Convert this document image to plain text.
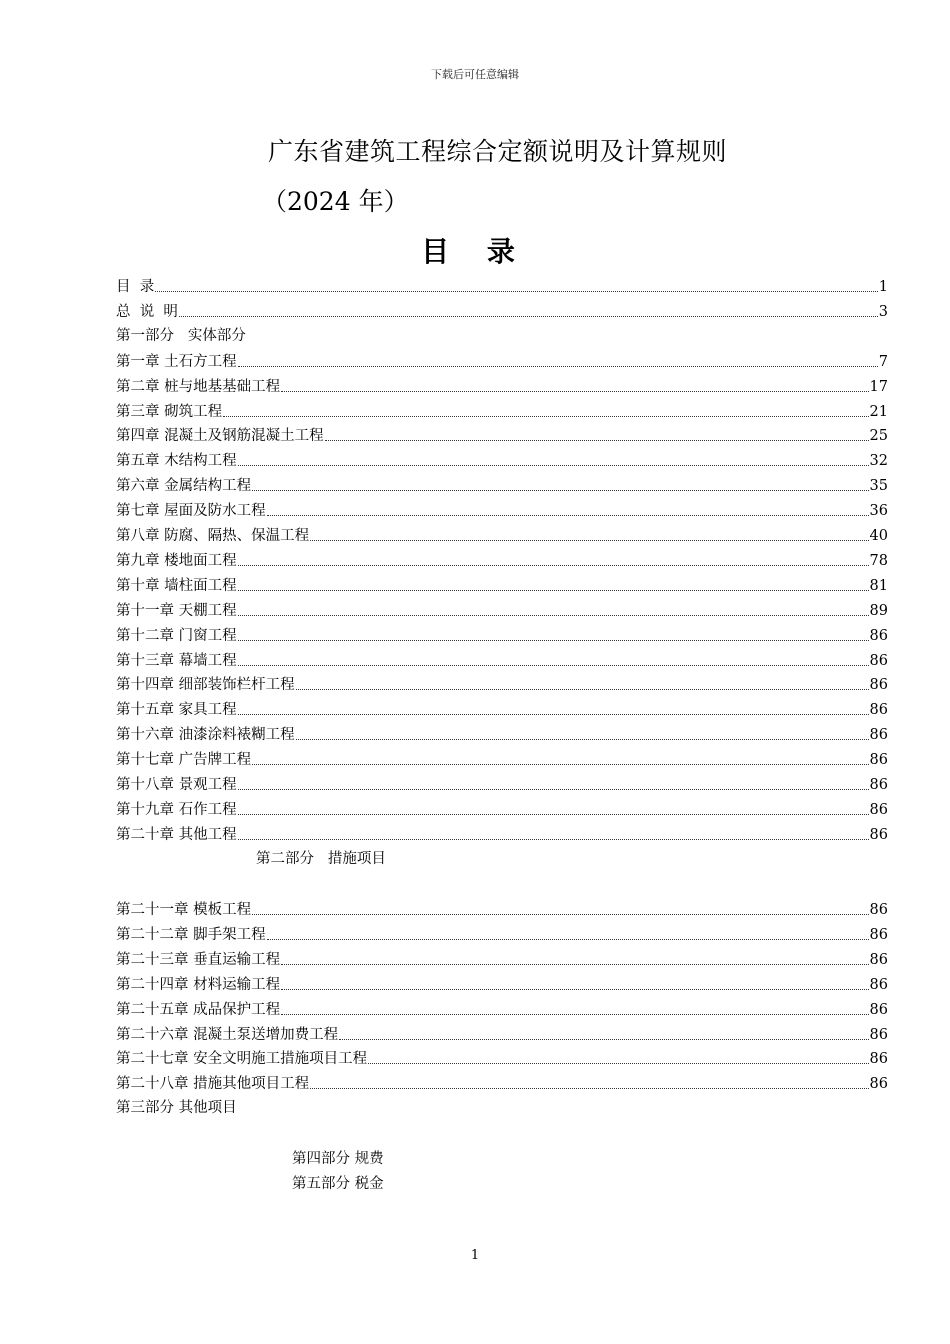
下载后可任意编辑
广东省建筑工程综合定额说明及计算规则
（2024 年）
目 录
目  录	1
总  说  明	3
第一部分   实体部分
第一章 土石方工程	7
第二章 桩与地基基础工程	17
第三章 砌筑工程	21
第四章 混凝土及钢筋混凝土工程	25
第五章 木结构工程	32
第六章 金属结构工程	35
第七章 屋面及防水工程	36
第八章 防腐、隔热、保温工程	40
第九章 楼地面工程	78
第十章 墙柱面工程	81
第十一章 天棚工程	89
第十二章 门窗工程	86
第十三章 幕墙工程	86
第十四章 细部装饰栏杆工程	86
第十五章 家具工程	86
第十六章 油漆涂料裱糊工程	86
第十七章 广告牌工程	86
第十八章 景观工程	86
第十九章 石作工程	86
第二十章 其他工程	86
第二部分   措施项目
第二十一章 模板工程	86
第二十二章 脚手架工程	86
第二十三章 垂直运输工程	86
第二十四章 材料运输工程	86
第二十五章 成品保护工程	86
第二十六章 混凝土泵送增加费工程	86
第二十七章 安全文明施工措施项目工程	86
第二十八章 措施其他项目工程	86
第三部分 其他项目
第四部分 规费
第五部分 税金
1
